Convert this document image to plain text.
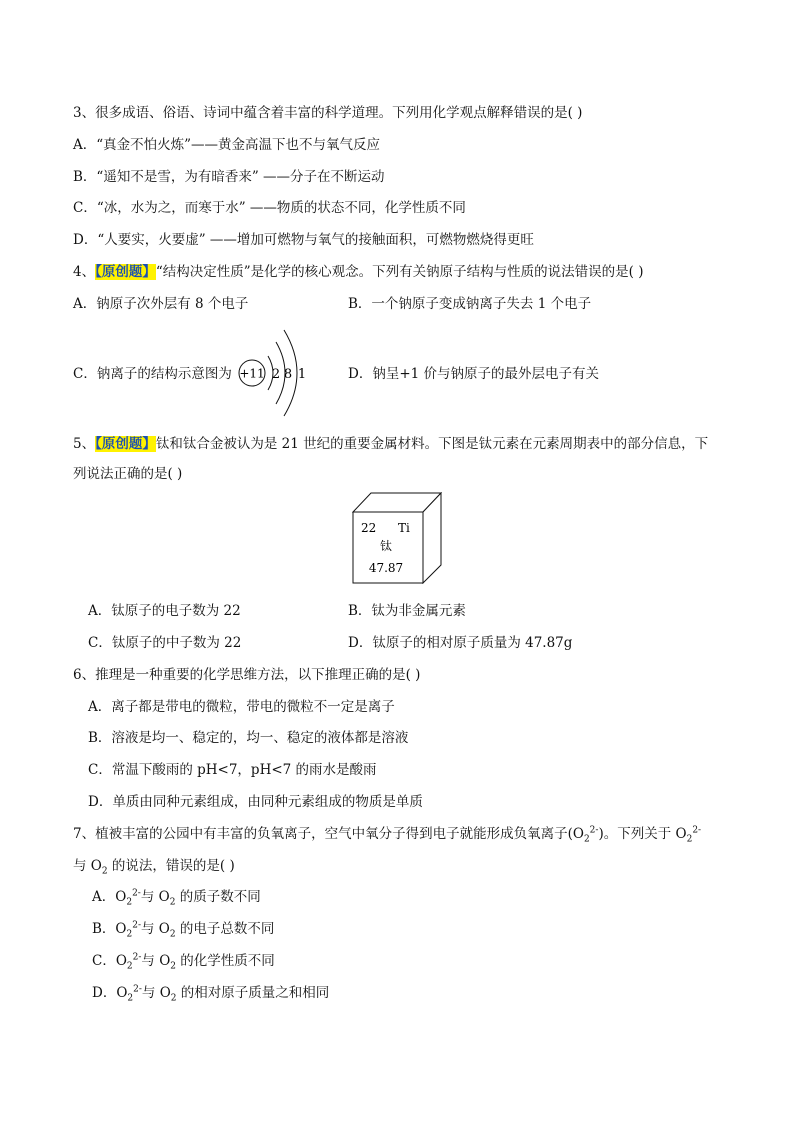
3、很多成语、俗语、诗词中蕴含着丰富的科学道理。下列用化学观点解释错误的是( )
A．“真金不怕火炼”——黄金高温下也不与氧气反应
B．“遥知不是雪，为有暗香来” ——分子在不断运动
C．“冰，水为之，而寒于水” ——物质的状态不同，化学性质不同
D．“人要实，火要虚” ——增加可燃物与氧气的接触面积，可燃物燃烧得更旺
4、【原创题】“结构决定性质”是化学的核心观念。下列有关钠原子结构与性质的说法错误的是( )
A．钠原子次外层有 8 个电子	B．一个钠原子变成钠离子失去 1 个电子
C．钠离子的结构示意图为	D．钠呈+1 价与钠原子的最外层电子有关
+11 2 8 1
5、【原创题】钛和钛合金被认为是 21 世纪的重要金属材料。下图是钛元素在元素周期表中的部分信息，下
列说法正确的是( )
22 Ti
钛
47.87
A．钛原子的电子数为 22	B．钛为非金属元素
C．钛原子的中子数为 22	D．钛原子的相对原子质量为 47.87g
6、推理是一种重要的化学思维方法，以下推理正确的是( )
A．离子都是带电的微粒，带电的微粒不一定是离子
B．溶液是均一、稳定的，均一、稳定的液体都是溶液
C．常温下酸雨的 pH<7，pH<7 的雨水是酸雨
D．单质由同种元素组成，由同种元素组成的物质是单质
7、植被丰富的公园中有丰富的负氧离子，空气中氧分子得到电子就能形成负氧离子$(O_2^{2-})$。下列关于 $O_2^{2-}$
与 $O_2$ 的说法，错误的是( )
A．$O_2^{2-}$与 $O_2$ 的质子数不同
B．$O_2^{2-}$与 $O_2$ 的电子总数不同
C．$O_2^{2-}$与 $O_2$ 的化学性质不同
D．$O_2^{2-}$与 $O_2$ 的相对原子质量之和相同
